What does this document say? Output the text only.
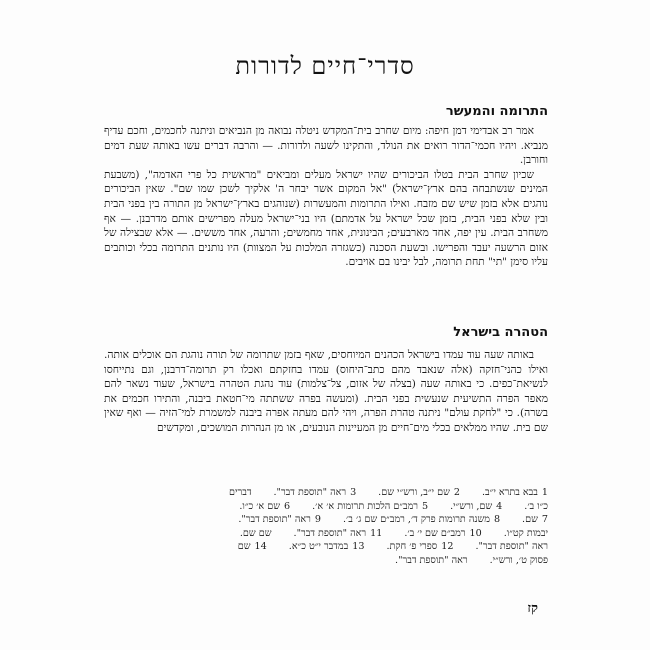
סדרי־חיים לדורות
התרומה והמעשר

אמר רב אבדימי דמן חיפה: מיום שחרב בית־המקדש ניטלה נבואה מן הנביאים וניתנה לחכמים, וחכם עדיף מנביא. ויהיו חכמי־הדור רואים את הנולד, והתקינו לשעה ולדורות. — והרבה דברים עשו באותה שעת דמים וחורבן.

שכיון שחרב הבית בטלו הביכורים שהיו ישראל מעלים ומביאים "מראשית כל פרי האדמה", (משבעת המינים שנשתבחה בהם ארץ־ישראל) "אל המקום אשר יבחר ה' אלקיך לשכן שמו שם". שאין הביכורים נוהגים אלא בזמן שיש שם מזבח. ואילו התרומות והמעשרות (שנוהגים בארץ־ישראל מן התורה בין בפני הבית ובין שלא בפני הבית, בזמן שכל ישראל על אדמתם) היו בני־ישראל מעלה מפרישים אותם מדרבנן. — אף משחרב הבית. עין יפה, אחד מארבעים; הבינונית, אחד מחמשים; והרעה, אחד מששים. — אלא שבצילה של אזום הרשעה יעבד והפרישו. ובשעת הסכנה (כשגזרה המלכות על המצוות) היו נותנים התרומה בכלי וכותבים עליו סימן "תי" תחת תרומה, לבל יבינו בם אויבים.

הטהרה בישראל

באותה שעה עוד עמדו בישראל הכהנים המיוחסים, שאף בזמן שתרומה של תורה נוהגת הם אוכלים אותה. ואילו כהני־חזקה (אלה שנאבד מהם כתב־היחוס) עמדו בחזקתם ואכלו רק תרומה־דרבנן, וגם נתייחסו לנשיאת־כפים. כי באותה שעה (בצלה של אזום, צל־צלמות) עוד נהגת הטהרה בישראל, שעוד נשאר להם מאפר הפרה התשיעית שנעשית בפני הבית. (ומעשה בפרה ששתתה מי־חטאת ביבנה, והתירו חכמים את בשרה). כי "לחקת עולם" ניתנה טהרת הפרה, ויהי להם מעתה אפרה ביבנה למשמרת למי־הזיה — ואף שאין שם בית. שהיו ממלאים בכלי מים־חיים מן המעיינות הנובעים, או מן הנהרות המושכים, ומקדשים

1בבא בתרא י״ב.2שם י״ב, ורש״י שם.3ראה "תוספת דבר".דברים
כ״ו ב׳.4שם, ורש״י.5רמב״ם הלכות תרומות א׳ א׳.6שם א׳ כ״ו.
7שם.8משנה תרומות פרק ד׳, רמב״ם שם ג׳ ב׳.9ראה "תוספת דבר".
יבמות קט״ו.10רמב״ם שם י׳ ב׳.11ראה "תוספת דבר".שם שם.
ראה "תוספת דבר".12ספרי פ׳ חקת.13במדבר י״ט כ״א.14שם
פסוק ט׳, ורש״י.ראה "תוספת דבר".
קז
